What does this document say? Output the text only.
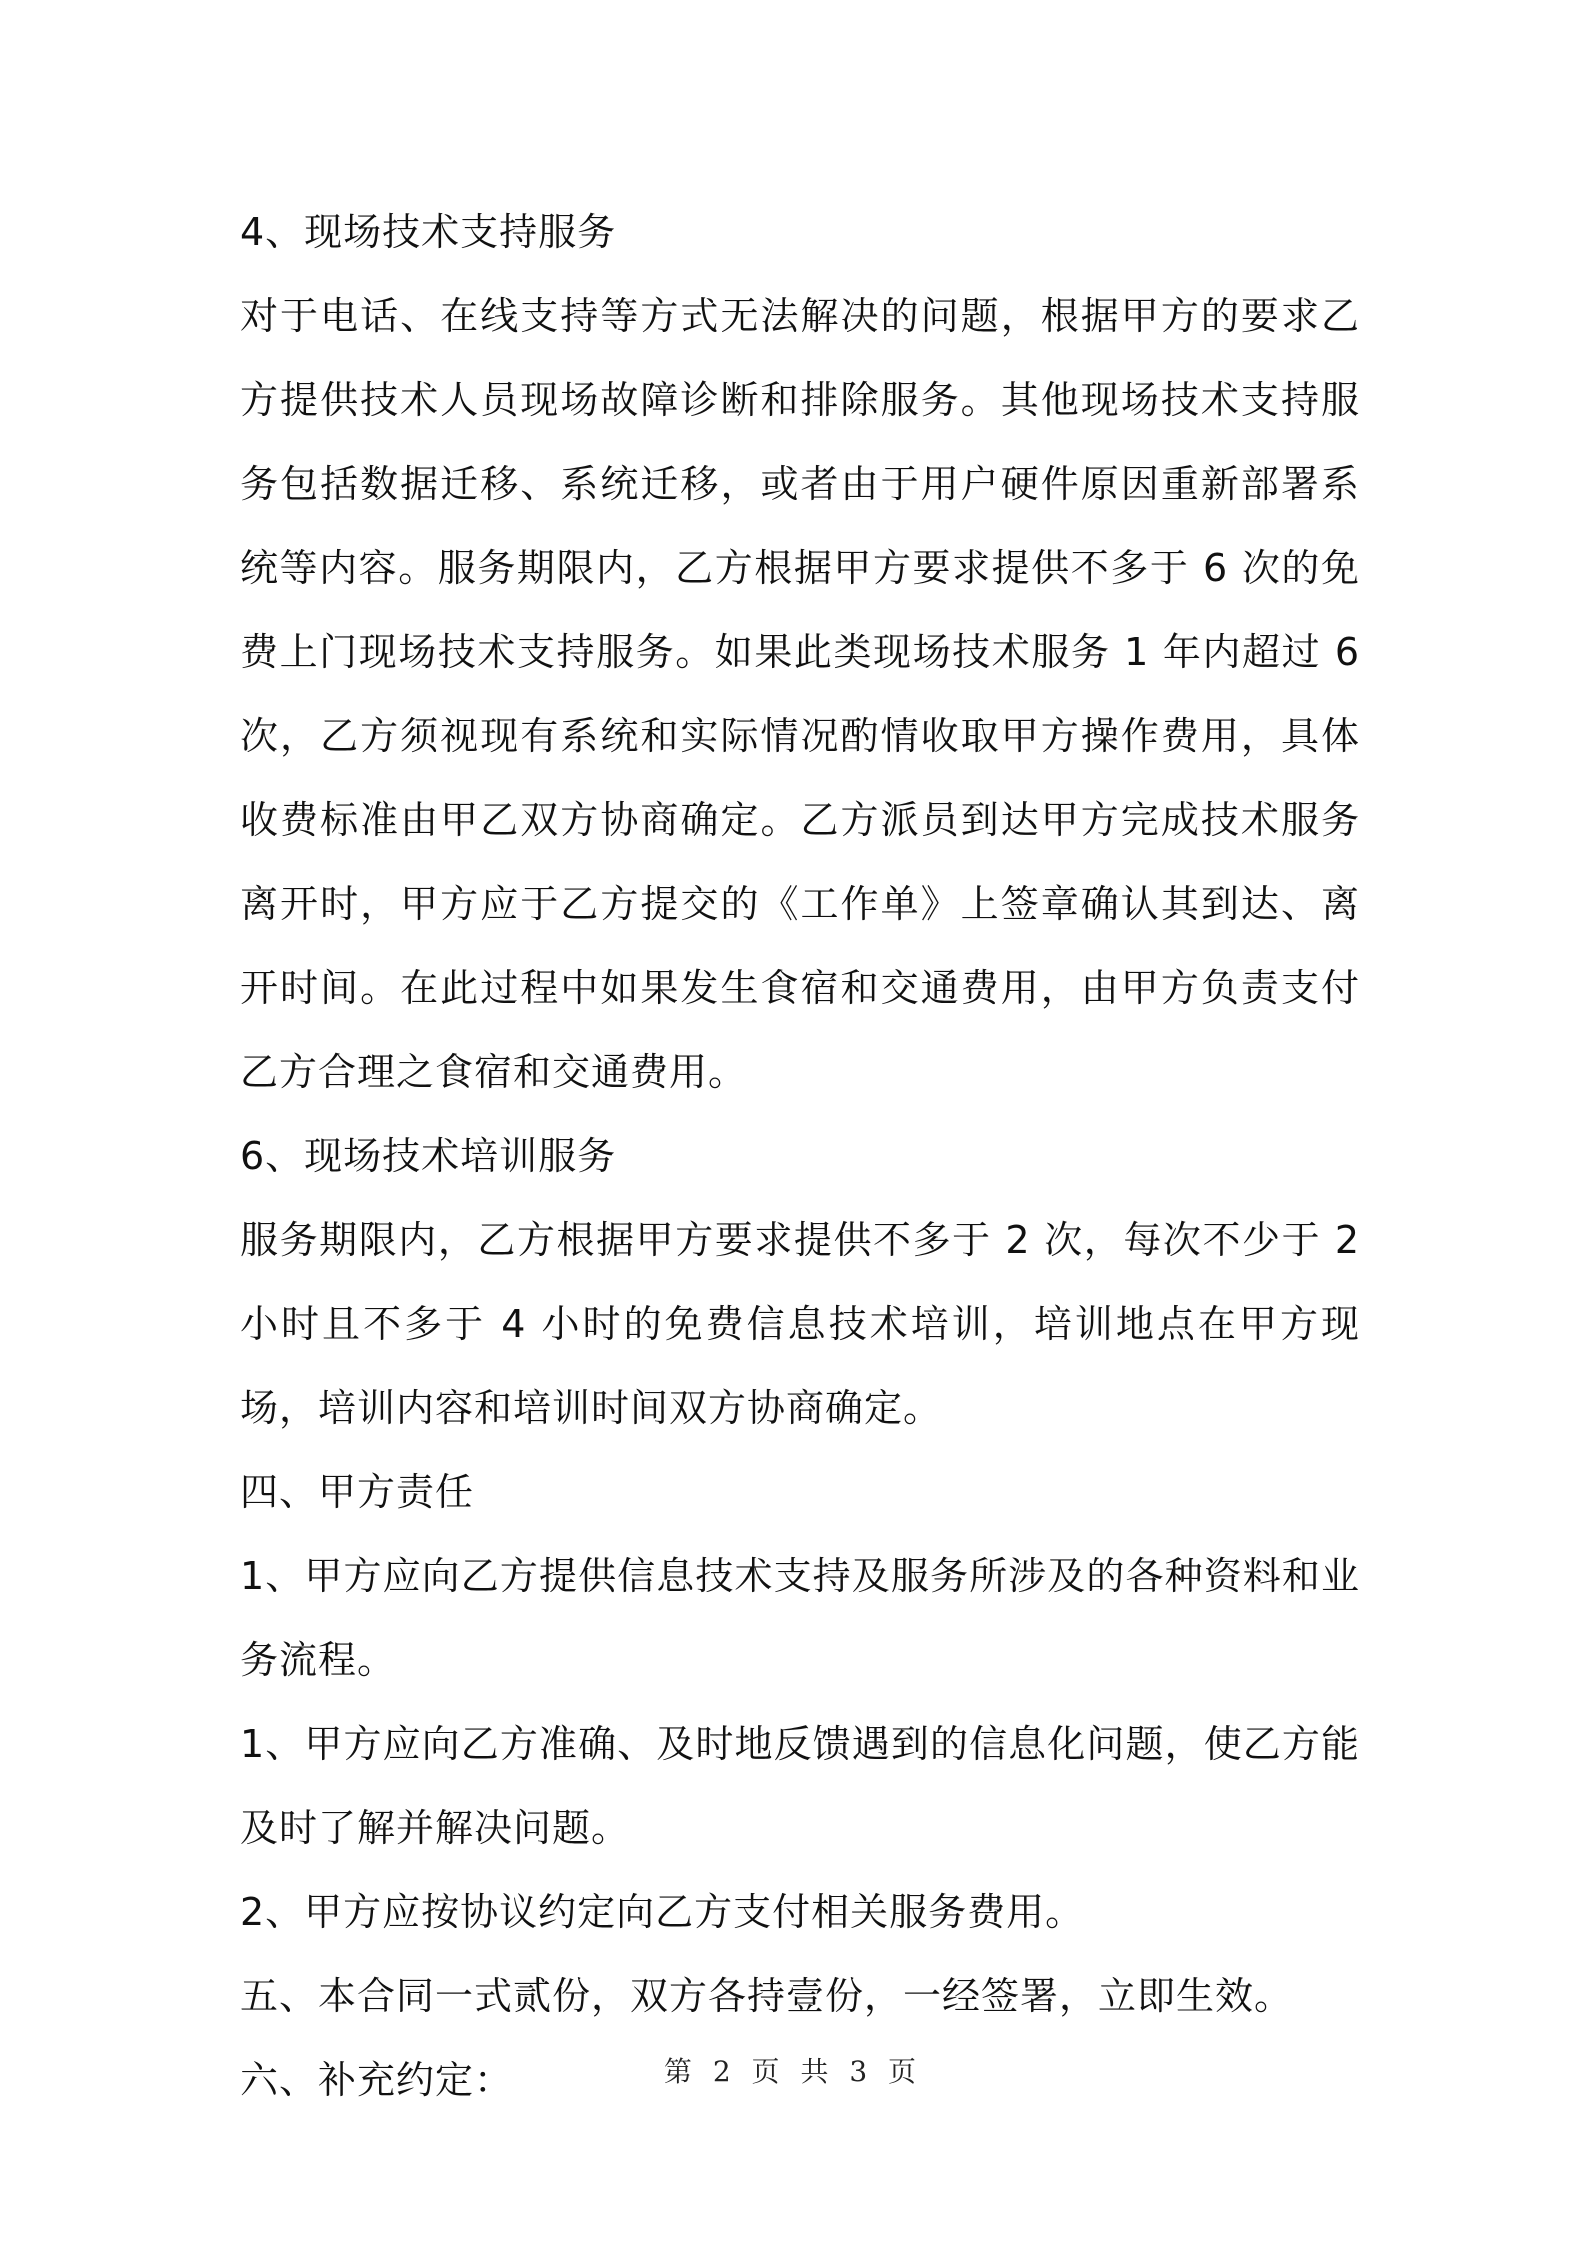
4、现场技术支持服务

对于电话、在线支持等方式无法解决的问题，根据甲方的要求乙方提供技术人员现场故障诊断和排除服务。其他现场技术支持服务包括数据迁移、系统迁移，或者由于用户硬件原因重新部署系统等内容。服务期限内，乙方根据甲方要求提供不多于 6 次的免费上门现场技术支持服务。如果此类现场技术服务 1 年内超过 6 次，乙方须视现有系统和实际情况酌情收取甲方操作费用，具体收费标准由甲乙双方协商确定。乙方派员到达甲方完成技术服务离开时，甲方应于乙方提交的《工作单》上签章确认其到达、离开时间。在此过程中如果发生食宿和交通费用，由甲方负责支付乙方合理之食宿和交通费用。

6、现场技术培训服务

服务期限内，乙方根据甲方要求提供不多于 2 次，每次不少于 2 小时且不多于 4 小时的免费信息技术培训，培训地点在甲方现场，培训内容和培训时间双方协商确定。

四、甲方责任

1、甲方应向乙方提供信息技术支持及服务所涉及的各种资料和业务流程。

1、甲方应向乙方准确、及时地反馈遇到的信息化问题，使乙方能及时了解并解决问题。

2、甲方应按协议约定向乙方支付相关服务费用。

五、本合同一式贰份，双方各持壹份，一经签署，立即生效。

六、补充约定：	第 2 页 共 3 页
